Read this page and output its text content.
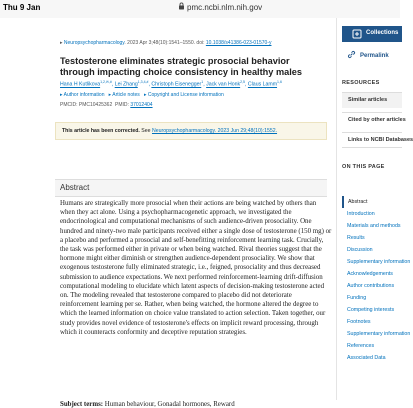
Thu 9 Jan	pmc.ncbi.nlm.nih.gov
▸ Neuropsychopharmacology. 2023 Apr 3;48(10):1541–1550. doi: 10.1038/s41386-023-01570-y
Testosterone eliminates strategic prosocial behavior through impacting choice consistency in healthy males
Hana H Kutlikova$^{1,2,✉,\#}$, Lei Zhang$^{1,3,4,\#}$, Christoph Eisenegger$^1$, Jack van Honk$^{2,5}$, Claus Lamm$^{1,6}$
▸ Author information ▸ Article notes ▸ Copyright and License information
PMCID: PMC10425362 PMID: 37012404
This article has been corrected. See Neuropsychopharmacology. 2023 Jun 29;48(10):1552.
Abstract

Humans are strategically more prosocial when their actions are being watched by others than when they act alone. Using a psychopharmacogenetic approach, we investigated the endocrinological and computational mechanisms of such audience-driven prosociality. One hundred and ninety-two male participants received either a single dose of testosterone (150 mg) or a placebo and performed a prosocial and self-benefitting reinforcement learning task. Crucially, the task was performed either in private or when being watched. Rival theories suggest that the hormone might either diminish or strengthen audience-dependent prosociality. We show that exogenous testosterone fully eliminated strategic, i.e., feigned, prosociality and thus decreased submission to audience expectations. We next performed reinforcement-learning drift-diffusion computational modeling to elucidate which latent aspects of decision-making testosterone acted on. The modeling revealed that testosterone compared to placebo did not deteriorate reinforcement learning per se. Rather, when being watched, the hormone altered the degree to which the learned information on choice value translated to action selection. Taken together, our study provides novel evidence of testosterone's effects on implicit reward processing, through which it counteracts conformity and deceptive reputation strategies.

Subject terms: Human behaviour, Gonadal hormones, Reward
Collections
Permalink
RESOURCES
Similar articles
Cited by other articles
Links to NCBI Databases
ON THIS PAGE
Abstract
Introduction
Materials and methods
Results
Discussion
Supplementary information
Acknowledgements
Author contributions
Funding
Competing interests
Footnotes
Supplementary information
References
Associated Data
